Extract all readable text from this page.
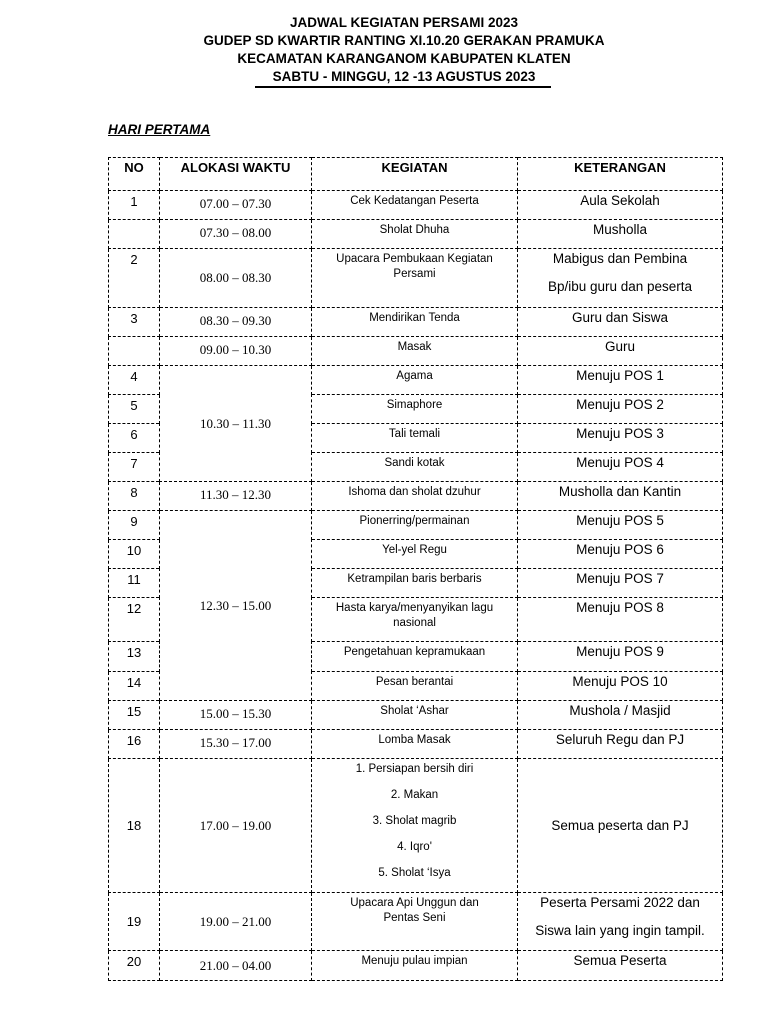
JADWAL KEGIATAN PERSAMI 2023
GUDEP SD KWARTIR RANTING XI.10.20 GERAKAN PRAMUKA
KECAMATAN KARANGANOM KABUPATEN KLATEN
SABTU - MINGGU, 12 -13 AGUSTUS 2023
HARI PERTAMA
NO	ALOKASI WAKTU	KEGIATAN	KETERANGAN
1	07.00 – 07.30	Cek Kedatangan Peserta	Aula Sekolah

	07.30 – 08.00	Sholat Dhuha	Musholla

2	08.00 – 08.30	Upacara Pembukaan Kegiatan
Persami	Mabigus dan Pembina
Bp/ibu guru dan peserta

3	08.30 – 09.30	Mendirikan Tenda	Guru dan Siswa

	09.00 – 10.30	Masak	Guru

4	10.30 – 11.30	Agama	Menuju POS 1

5		Simaphore	Menuju POS 2

6		Tali temali	Menuju POS 3

7		Sandi kotak	Menuju POS 4

8	11.30 – 12.30	Ishoma dan sholat dzuhur	Musholla dan Kantin

9	12.30 – 15.00	Pionerring/permainan	Menuju POS 5

10		Yel-yel Regu	Menuju POS 6

11		Ketrampilan baris berbaris	Menuju POS 7

12		Hasta karya/menyanyikan lagu
nasional	Menuju POS 8

13		Pengetahuan kepramukaan	Menuju POS 9

14		Pesan berantai	Menuju POS 10

15	15.00 – 15.30	Sholat ‘Ashar	Mushola / Masjid

16	15.30 – 17.00	Lomba Masak	Seluruh Regu dan PJ

18	17.00 – 19.00	1. Persiapan bersih diri
2. Makan
3. Sholat magrib
4. Iqro'
5. Sholat ‘Isya	Semua peserta dan PJ

19	19.00 – 21.00	Upacara Api Unggun dan
Pentas Seni	Peserta Persami 2022 dan
Siswa lain yang ingin tampil.

20	21.00 – 04.00	Menuju pulau impian	Semua Peserta
